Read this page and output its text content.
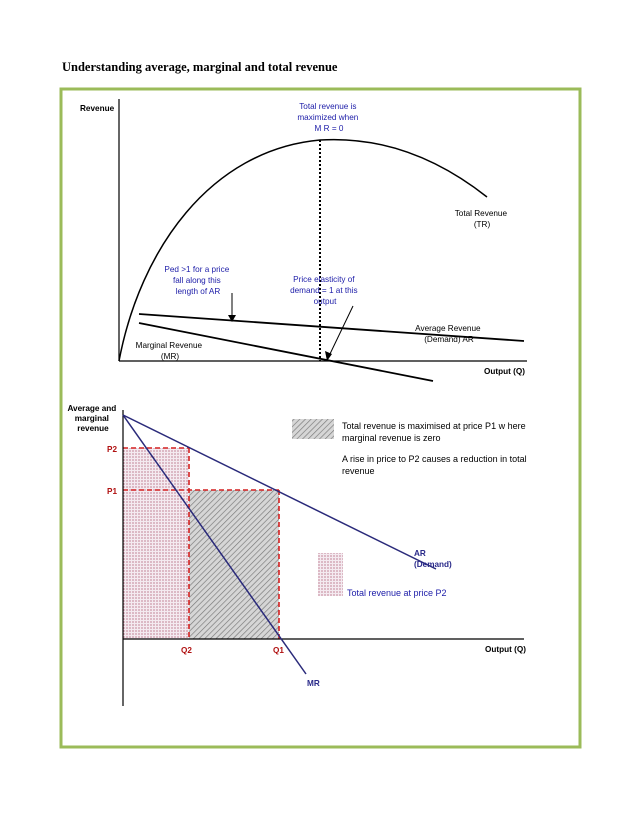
Understanding average, marginal and total revenue
Revenue
Output (Q)
Total revenue is maximized when M R = 0
Total Revenue (TR)
Ped >1 for a price fall along this length of AR
Price elasticity of demand = 1 at this output
Average Revenue (Demand) AR
Marginal Revenue (MR)
Average and marginal revenue
Output (Q)
P2
P1
Q2	Q1
AR (Demand)
MR
Total revenue is maximised at price P1 w here marginal revenue is zero
A rise in price to P2 causes a reduction in total revenue
Total revenue at price P2
